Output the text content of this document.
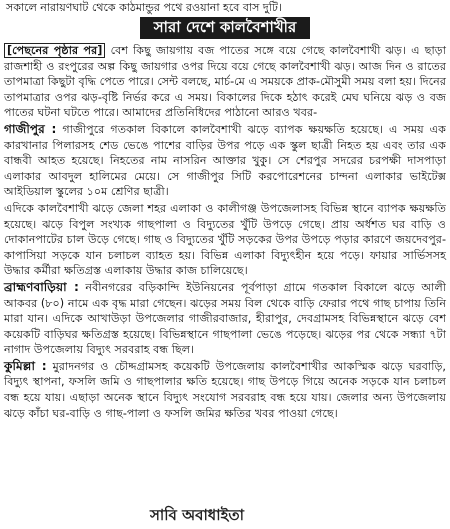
সকালে নারায়ণঘাট থেকে কাঠমান্ডুর পথে রওয়ানা হবে বাস দুটি।

সারা দেশে কালবৈশাখীর

[পেছনের পৃষ্ঠার পর] বেশ কিছু জায়গায় বজ পাতের সঙ্গে বয়ে গেছে কালবৈশাখী ঝড়। এ ছাড়া রাজশাহী ও রংপুরের অল্প কিছু জায়গার ওপর দিয়ে বয়ে গেছে কালবৈশাখী ঝড়। আজ দিন ও রাতের তাপমাত্রা কিছুটা বৃদ্ধি পেতে পারে। সেন্ট বলছে, মার্চ-মে এ সময়কে প্রাক-মৌসুমী সময় বলা হয়। দিনের তাপমাত্রার ওপর ঝড়-বৃষ্টি নির্ভর করে এ সময়। বিকালের দিকে হঠাৎ করেই মেঘ ঘনিয়ে ঝড় ও বজ পাতের ঘটনা ঘটতে পারে। আমাদের প্রতিনিধিদের পাঠানো আরও খবর-

গাজীপুর : গাজীপুরে গতকাল বিকালে কালবৈশাখী ঝড়ে ব্যাপক ক্ষয়ক্ষতি হয়েছে। এ সময় এক কারখানার পিলারসহ শেড ভেঙে পাশের বাড়ির উপর পড়ে এক স্কুল ছাত্রী নিহত হয় এবং তার এক বান্ধবী আহত হয়েছে। নিহতের নাম নাসরিন আক্তার খুকু। সে শেরপুর সদরের চরপক্ষী দাসপাড়া এলাকার আবদুল হালিমের মেয়ে। সে গাজীপুর সিটি করপোরেশনের চান্দনা এলাকার ভাইটেক্স আইডিয়াল স্কুলের ১০ম শ্রেণির ছাত্রী।

এদিকে কালবৈশাখী ঝড়ে জেলা শহর এলাকা ও কালীগঞ্জ উপজেলাসহ বিভিন্ন স্থানে ব্যাপক ক্ষয়ক্ষতি হয়েছে। ঝড়ে বিপুল সংখ্যক গাছপালা ও বিদ্যুতের খুঁটি উপড়ে গেছে। প্রায় অর্ধশত ঘর বাড়ি ও দোকানপাটের চাল উড়ে গেছে। গাছ ও বিদ্যুতের খুঁটি সড়কের উপর উপড়ে পড়ার কারণে জয়দেবপুর-কাপাসিয়া সড়কে যান চলাচল ব্যাহত হয়। বিভিন্ন এলাকা বিদ্যুৎহীন হয়ে পড়ে। ফায়ার সার্ভিসসহ উদ্ধার কর্মীরা ক্ষতিগ্রস্ত এলাকায় উদ্ধার কাজ চালিয়েছে।

ব্রাহ্মণবাড়িয়া : নবীনগরের বড়িকান্দি ইউনিয়নের পূর্বপাড়া গ্রামে গতকাল বিকালে ঝড়ে আলী আকবর (৮০) নামে এক বৃদ্ধ মারা গেছেন। ঝড়ের সময় বিল থেকে বাড়ি ফেরার পথে গাছ চাপায় তিনি মারা যান। এদিকে আখাউড়া উপজেলার গাজীরবাজার, হীরাপুর, দেবগ্রামসহ বিভিন্নস্থানে ঝড়ে বেশ কয়েকটি বাড়িঘর ক্ষতিগ্রস্ত হয়েছে। বিভিন্নস্থানে গাছপালা ভেঙে পড়েছে। ঝড়ের পর থেকে সন্ধ্যা ৭টা নাগাদ উপজেলায় বিদ্যুৎ সরবরাহ বন্ধ ছিল।

কুমিল্লা : মুরাদনগর ও চৌদ্দগ্রামসহ কয়েকটি উপজেলায় কালবৈশাখীর আকস্মিক ঝড়ে ঘরবাড়ি, বিদ্যুৎ স্থাপনা, ফসলি জমি ও গাছপালার ক্ষতি হয়েছে। গাছ উপড়ে গিয়ে অনেক সড়কে যান চলাচল বন্ধ হয়ে যায়। এছাড়া অনেক স্থানে বিদ্যুৎ সংযোগ সরবরাহ বন্ধ হয়ে যায়। জেলার অন্য উপজেলায় ঝড়ে কাঁচা ঘর-বাড়ি ও গাছ-পালা ও ফসলি জমির ক্ষতির খবর পাওয়া গেছে।

সাবি অবাধাইতা
